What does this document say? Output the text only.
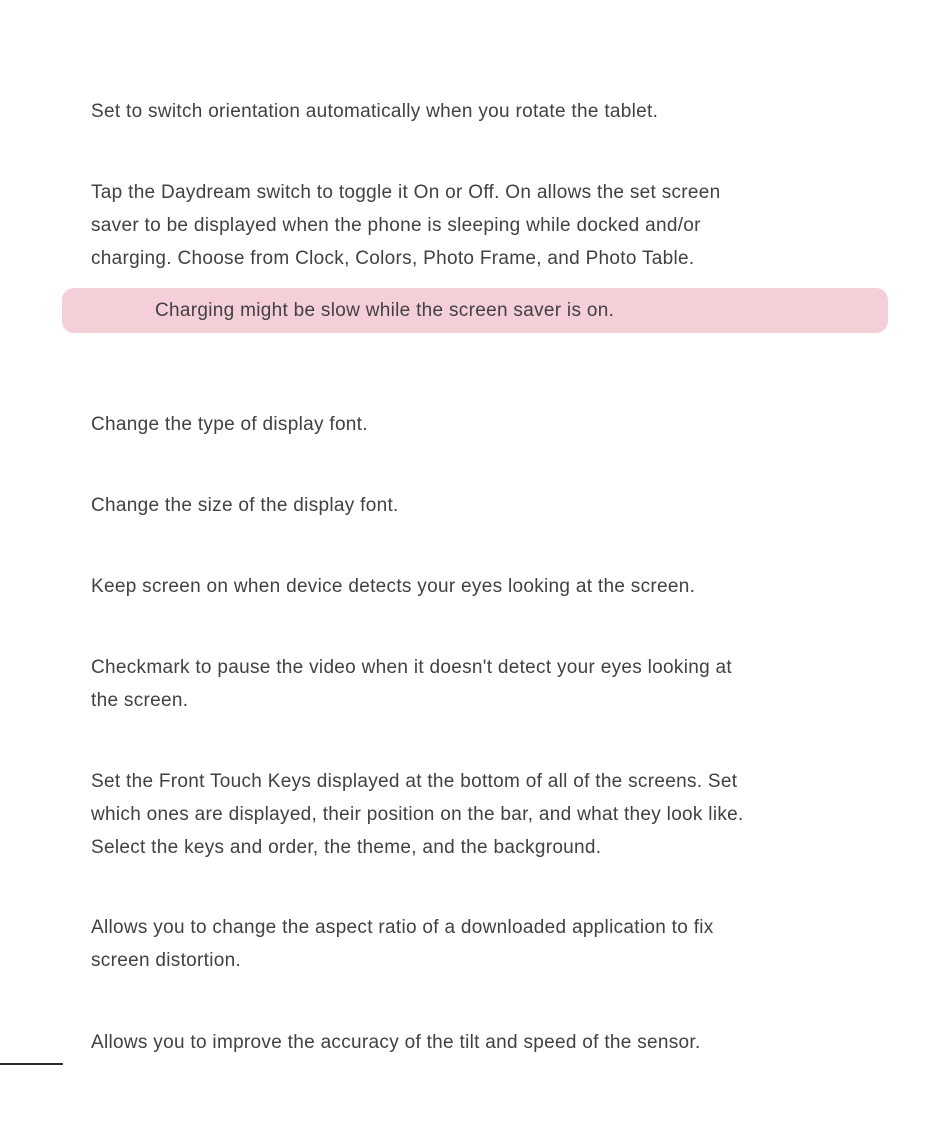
Set to switch orientation automatically when you rotate the tablet.
Tap the Daydream switch to toggle it On or Off. On allows the set screen
saver to be displayed when the phone is sleeping while docked and/or
charging. Choose from Clock, Colors, Photo Frame, and Photo Table.
Charging might be slow while the screen saver is on.
Change the type of display font.
Change the size of the display font.
Keep screen on when device detects your eyes looking at the screen.
Checkmark to pause the video when it doesn't detect your eyes looking at
the screen.
Set the Front Touch Keys displayed at the bottom of all of the screens. Set
which ones are displayed, their position on the bar, and what they look like.
Select the keys and order, the theme, and the background.
Allows you to change the aspect ratio of a downloaded application to fix
screen distortion.
Allows you to improve the accuracy of the tilt and speed of the sensor.
